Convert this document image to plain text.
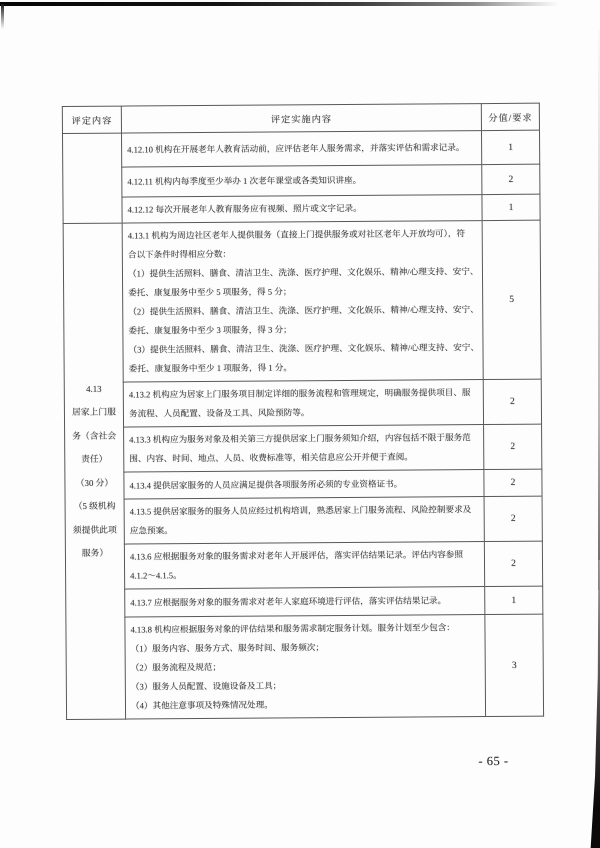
评定内容	评定实施内容	分值/要求
	4.12.10 机构在开展老年人教育活动前，应评估老年人服务需求，并落实评估和需求记录。	1
	4.12.11 机构内每季度至少举办 1 次老年课堂或各类知识讲座。	2
	4.12.12 每次开展老年人教育服务应有视频、照片或文字记录。	1
4.13
居家上门服
务（含社会
责任）
（30 分）
（5 级机构
须提供此项
服务）	4.13.1 机构为周边社区老年人提供服务（直接上门提供服务或对社区老年人开放均可），符
合以下条件时得相应分数：
（1）提供生活照料、膳食、清洁卫生、洗涤、医疗护理、文化娱乐、精神/心理支持、安宁、
委托、康复服务中至少 5 项服务，得 5 分；
（2）提供生活照料、膳食、清洁卫生、洗涤、医疗护理、文化娱乐、精神/心理支持、安宁、
委托、康复服务中至少 3 项服务，得 3 分；
（3）提供生活照料、膳食、清洁卫生、洗涤、医疗护理、文化娱乐、精神/心理支持、安宁、
委托、康复服务中至少 1 项服务，得 1 分。	5
	4.13.2 机构应为居家上门服务项目制定详细的服务流程和管理规定，明确服务提供项目、服
务流程、人员配置、设备及工具、风险预防等。	2
	4.13.3 机构应为服务对象及相关第三方提供居家上门服务须知介绍，内容包括不限于服务范
围、内容、时间、地点、人员、收费标准等，相关信息应公开并便于查阅。	2
	4.13.4 提供居家服务的人员应满足提供各项服务所必须的专业资格证书。	2
	4.13.5 提供居家服务的服务人员应经过机构培训，熟悉居家上门服务流程、风险控制要求及
应急预案。	2
	4.13.6 应根据服务对象的服务需求对老年人开展评估，落实评估结果记录。评估内容参照
4.1.2～4.1.5。	2
	4.13.7 应根据服务对象的服务需求对老年人家庭环境进行评估，落实评估结果记录。	1
	4.13.8 机构应根据服务对象的评估结果和服务需求制定服务计划。服务计划至少包含：
（1）服务内容、服务方式、服务时间、服务频次；
（2）服务流程及规范；
（3）服务人员配置、设施设备及工具；
（4）其他注意事项及特殊情况处理。	3
- 65 -
